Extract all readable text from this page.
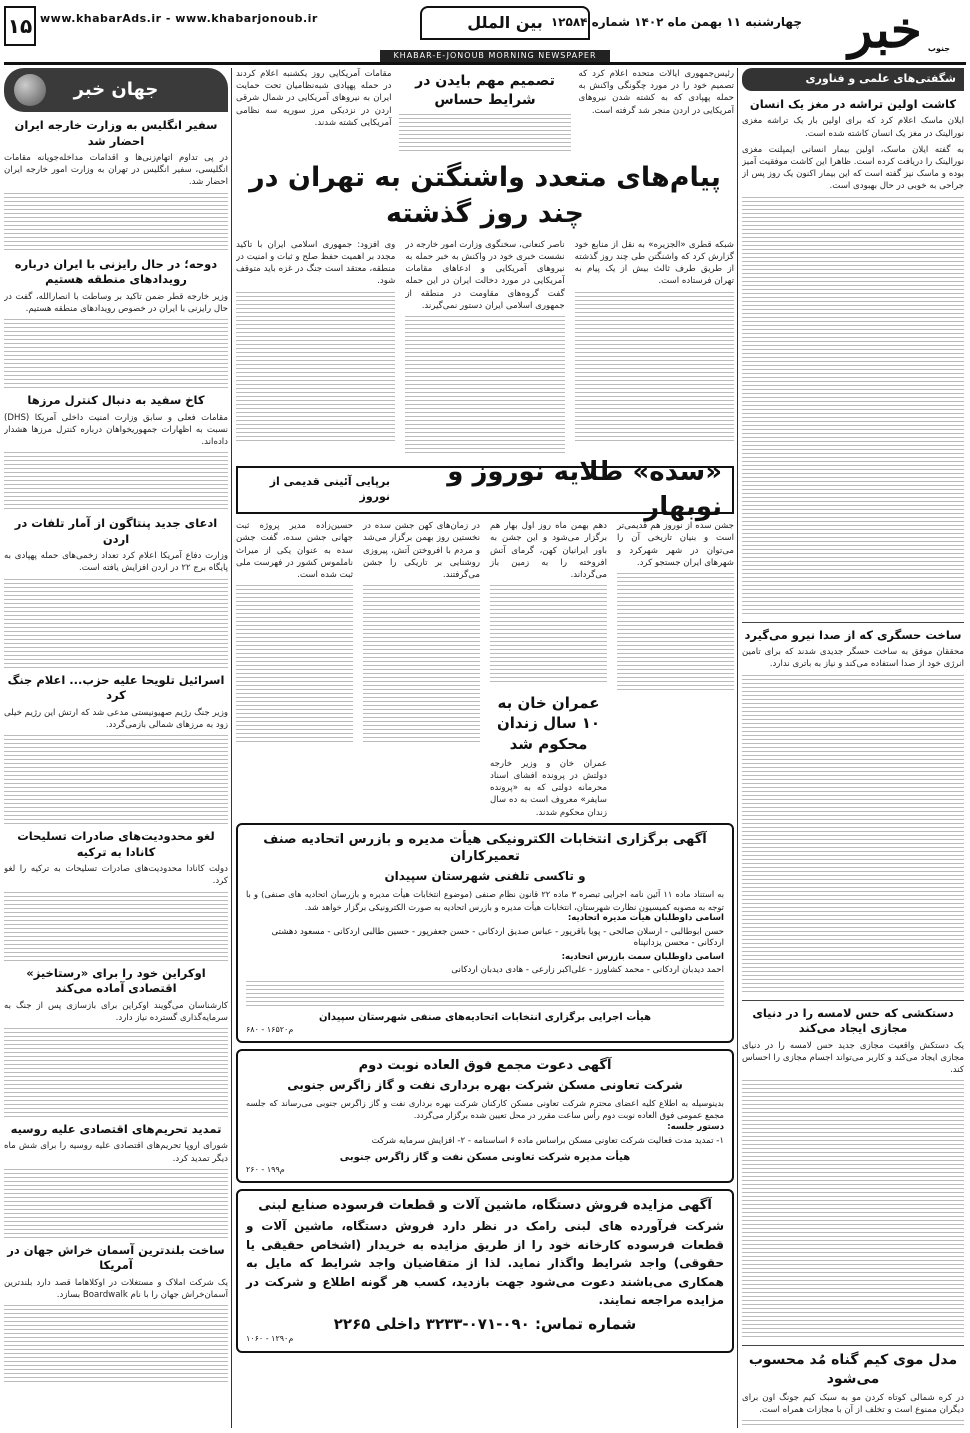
خبر جنوب
چهارشنبه ۱۱ بهمن ماه ۱۴۰۲ شماره ۱۲۵۸۴
بین الملل
www.khabarAds.ir - www.khabarjonoub.ir
۱۵
KHABAR-E-JONOUB MORNING NEWSPAPER
شگفتی‌های علمی و فناوری
کاشت اولین تراشه در مغز یک انسان

ایلان ماسک اعلام کرد که برای اولین بار یک تراشه مغزی نورالینک در مغز یک انسان کاشته شده است.

به گفته ایلان ماسک، اولین بیمار انسانی ایمپلنت مغزی نورالینک را دریافت کرده است. ظاهرا این کاشت موفقیت آمیز بوده و ماسک نیز گفته است که این بیمار اکنون یک روز پس از جراحی به خوبی در حال بهبودی است.

ساخت حسگری که از صدا نیرو می‌گیرد

محققان موفق به ساخت حسگر جدیدی شدند که برای تامین انرژی خود از صدا استفاده می‌کند و نیاز به باتری ندارد.

دستکشی که حس لامسه را در دنیای مجازی ایجاد می‌کند

یک دستکش واقعیت مجازی جدید حس لامسه را در دنیای مجازی ایجاد می‌کند و کاربر می‌تواند اجسام مجازی را احساس کند.

مدل موی کیم گناه مُد محسوب می‌شود

در کره شمالی کوتاه کردن مو به سبک کیم جونگ اون برای دیگران ممنوع است و تخلف از آن با مجازات همراه است.

رئیس‌جمهوری ایالات متحده اعلام کرد که تصمیم خود را در مورد چگونگی واکنش به حمله پهپادی که به کشته شدن نیروهای آمریکایی در اردن منجر شد گرفته است.

تصمیم مهم بایدن در شرایط حساس

مقامات آمریکایی روز یکشنبه اعلام کردند در حمله پهپادی شبه‌نظامیان تحت حمایت ایران به نیروهای آمریکایی در شمال شرقی اردن در نزدیکی مرز سوریه سه نظامی آمریکایی کشته شدند.

پیام‌های متعدد واشنگتن به تهران در چند روز گذشته

شبکه قطری «الجزیره» به نقل از منابع خود گزارش کرد که واشنگتن طی چند روز گذشته از طریق طرف ثالث بیش از یک پیام به تهران فرستاده است.

ناصر کنعانی، سخنگوی وزارت امور خارجه در نشست خبری خود در واکنش به خبر حمله به نیروهای آمریکایی و ادعاهای مقامات آمریکایی در مورد دخالت ایران در این حمله گفت گروه‌های مقاومت در منطقه از جمهوری اسلامی ایران دستور نمی‌گیرند.

وی افزود: جمهوری اسلامی ایران با تاکید مجدد بر اهمیت حفظ صلح و ثبات و امنیت در منطقه، معتقد است جنگ در غزه باید متوقف شود.

«سده» طلایه نوروز و نوبهار
برپایی آئینی قدیمی از نوروز

جشن سده از نوروز هم قدیمی‌تر است و بنیان تاریخی آن را می‌توان در شهر شهرکرد و شهرهای ایران جستجو کرد.

دهم بهمن ماه روز اول بهار هم برگزار می‌شود و این جشن به باور ایرانیان کهن، گرمای آتش افروخته را به زمین باز می‌گرداند.

عمران خان به ۱۰ سال زندان محکوم شد

عمران خان و وزیر خارجه دولتش در پرونده افشای اسناد محرمانه دولتی که به «پرونده سایفر» معروف است به ده سال زندان محکوم شدند.

در زمان‌های کهن جشن سده در نخستین روز بهمن برگزار می‌شد و مردم با افروختن آتش، پیروزی روشنایی بر تاریکی را جشن می‌گرفتند.

حسین‌زاده مدیر پروژه ثبت جهانی جشن سده، گفت جشن سده به عنوان یکی از میراث ناملموس کشور در فهرست ملی ثبت شده است.

آگهی برگزاری انتخابات الکترونیکی هیأت مدیره و بازرس اتحادیه صنف تعمیرکاران
و تاکسی تلفنی شهرستان سپیدان

به استناد ماده ۱۱ آئین نامه اجرایی تبصره ۳ ماده ۲۲ قانون نظام صنفی (موضوع انتخابات هیأت مدیره و بازرسان اتحادیه های صنفی) و با توجه به مصوبه کمیسیون نظارت شهرستان، انتخابات هیأت مدیره و بازرس اتحادیه به صورت الکترونیکی برگزار خواهد شد.

اسامی داوطلبان هیأت مدیره اتحادیه:
حسن ابوطالبی - ارسلان صالحی - پویا باقرپور - عباس صدیق اردکانی - حسن جعفرپور - حسین طالبی اردکانی - مسعود دهشتی اردکانی - محسن یزدانپناه
اسامی داوطلبان سمت بازرس اتحادیه:
احمد دیدبان اردکانی - محمد کشاورز - علی‌اکبر زارعی - هادی دیدبان اردکانی
هیأت اجرایی برگزاری انتخابات اتحادیه‌های صنفی شهرستان سپیدان
۶۸۰ - ۱۶۵۲۰م
آگهی دعوت مجمع فوق العاده نوبت دوم
شرکت تعاونی مسکن شرکت بهره برداری نفت و گاز زاگرس جنوبی

بدینوسیله به اطلاع کلیه اعضای محترم شرکت تعاونی مسکن کارکنان شرکت بهره برداری نفت و گاز زاگرس جنوبی می‌رساند که جلسه مجمع عمومی فوق العاده نوبت دوم رأس ساعت مقرر در محل تعیین شده برگزار می‌گردد.

دستور جلسه:
۱- تمدید مدت فعالیت شرکت تعاونی مسکن براساس ماده ۶ اساسنامه - ۲- افزایش سرمایه شرکت
هیأت مدیره شرکت تعاونی مسکن نفت و گاز زاگرس جنوبی
۲۶۰ - ۱۹۹م
آگهی مزایده فروش دستگاه، ماشین آلات و قطعات فرسوده صنایع لبنی

شرکت فرآورده های لبنی رامک در نظر دارد فروش دستگاه، ماشین آلات و قطعات فرسوده کارخانه خود را از طریق مزایده به خریدار (اشخاص حقیقی یا حقوقی) واجد شرایط واگذار نماید. لذا از متقاضیان واجد شرایط که مایل به همکاری می‌باشند دعوت می‌شود جهت بازدید، کسب هر گونه اطلاع و شرکت در مزایده مراجعه نمایند.

شماره تماس: ۰۹۰-۰۷۱-۳۲۳۳ داخلی ۲۲۶۵
۱۰۶۰ - ۱۲۹۰م
جهان خبر
سفیر انگلیس به وزارت خارجه ایران احضار شد

در پی تداوم اتهام‌زنی‌ها و اقدامات مداخله‌جویانه مقامات انگلیسی، سفیر انگلیس در تهران به وزارت امور خارجه ایران احضار شد.

دوحه؛ در حال رایزنی با ایران درباره رویدادهای منطقه هستیم

وزیر خارجه قطر ضمن تاکید بر وساطت با انصارالله، گفت در حال رایزنی با ایران در خصوص رویدادهای منطقه هستیم.

کاخ سفید به دنبال کنترل مرزها

مقامات فعلی و سابق وزارت امنیت داخلی آمریکا (DHS) نسبت به اظهارات جمهوریخواهان درباره کنترل مرزها هشدار داده‌اند.

ادعای جدید پنتاگون از آمار تلفات در اردن

وزارت دفاع آمریکا اعلام کرد تعداد زخمی‌های حمله پهپادی به پایگاه برج ۲۲ در اردن افزایش یافته است.

اسرائیل تلویحا علیه حزب... اعلام جنگ کرد

وزیر جنگ رژیم صهیونیستی مدعی شد که ارتش این رژیم خیلی زود به مرزهای شمالی بازمی‌گردد.

لغو محدودیت‌های صادرات تسلیحات کانادا به ترکیه

دولت کانادا محدودیت‌های صادرات تسلیحات به ترکیه را لغو کرد.

اوکراین خود را برای «رستاخیز» اقتصادی آماده می‌کند

کارشناسان می‌گویند اوکراین برای بازسازی پس از جنگ به سرمایه‌گذاری گسترده نیاز دارد.

تمدید تحریم‌های اقتصادی علیه روسیه

شورای اروپا تحریم‌های اقتصادی علیه روسیه را برای شش ماه دیگر تمدید کرد.

ساخت بلندترین آسمان خراش جهان در آمریکا

یک شرکت املاک و مستغلات در اوکلاهاما قصد دارد بلندترین آسمان‌خراش جهان را با نام Boardwalk بسازد.
